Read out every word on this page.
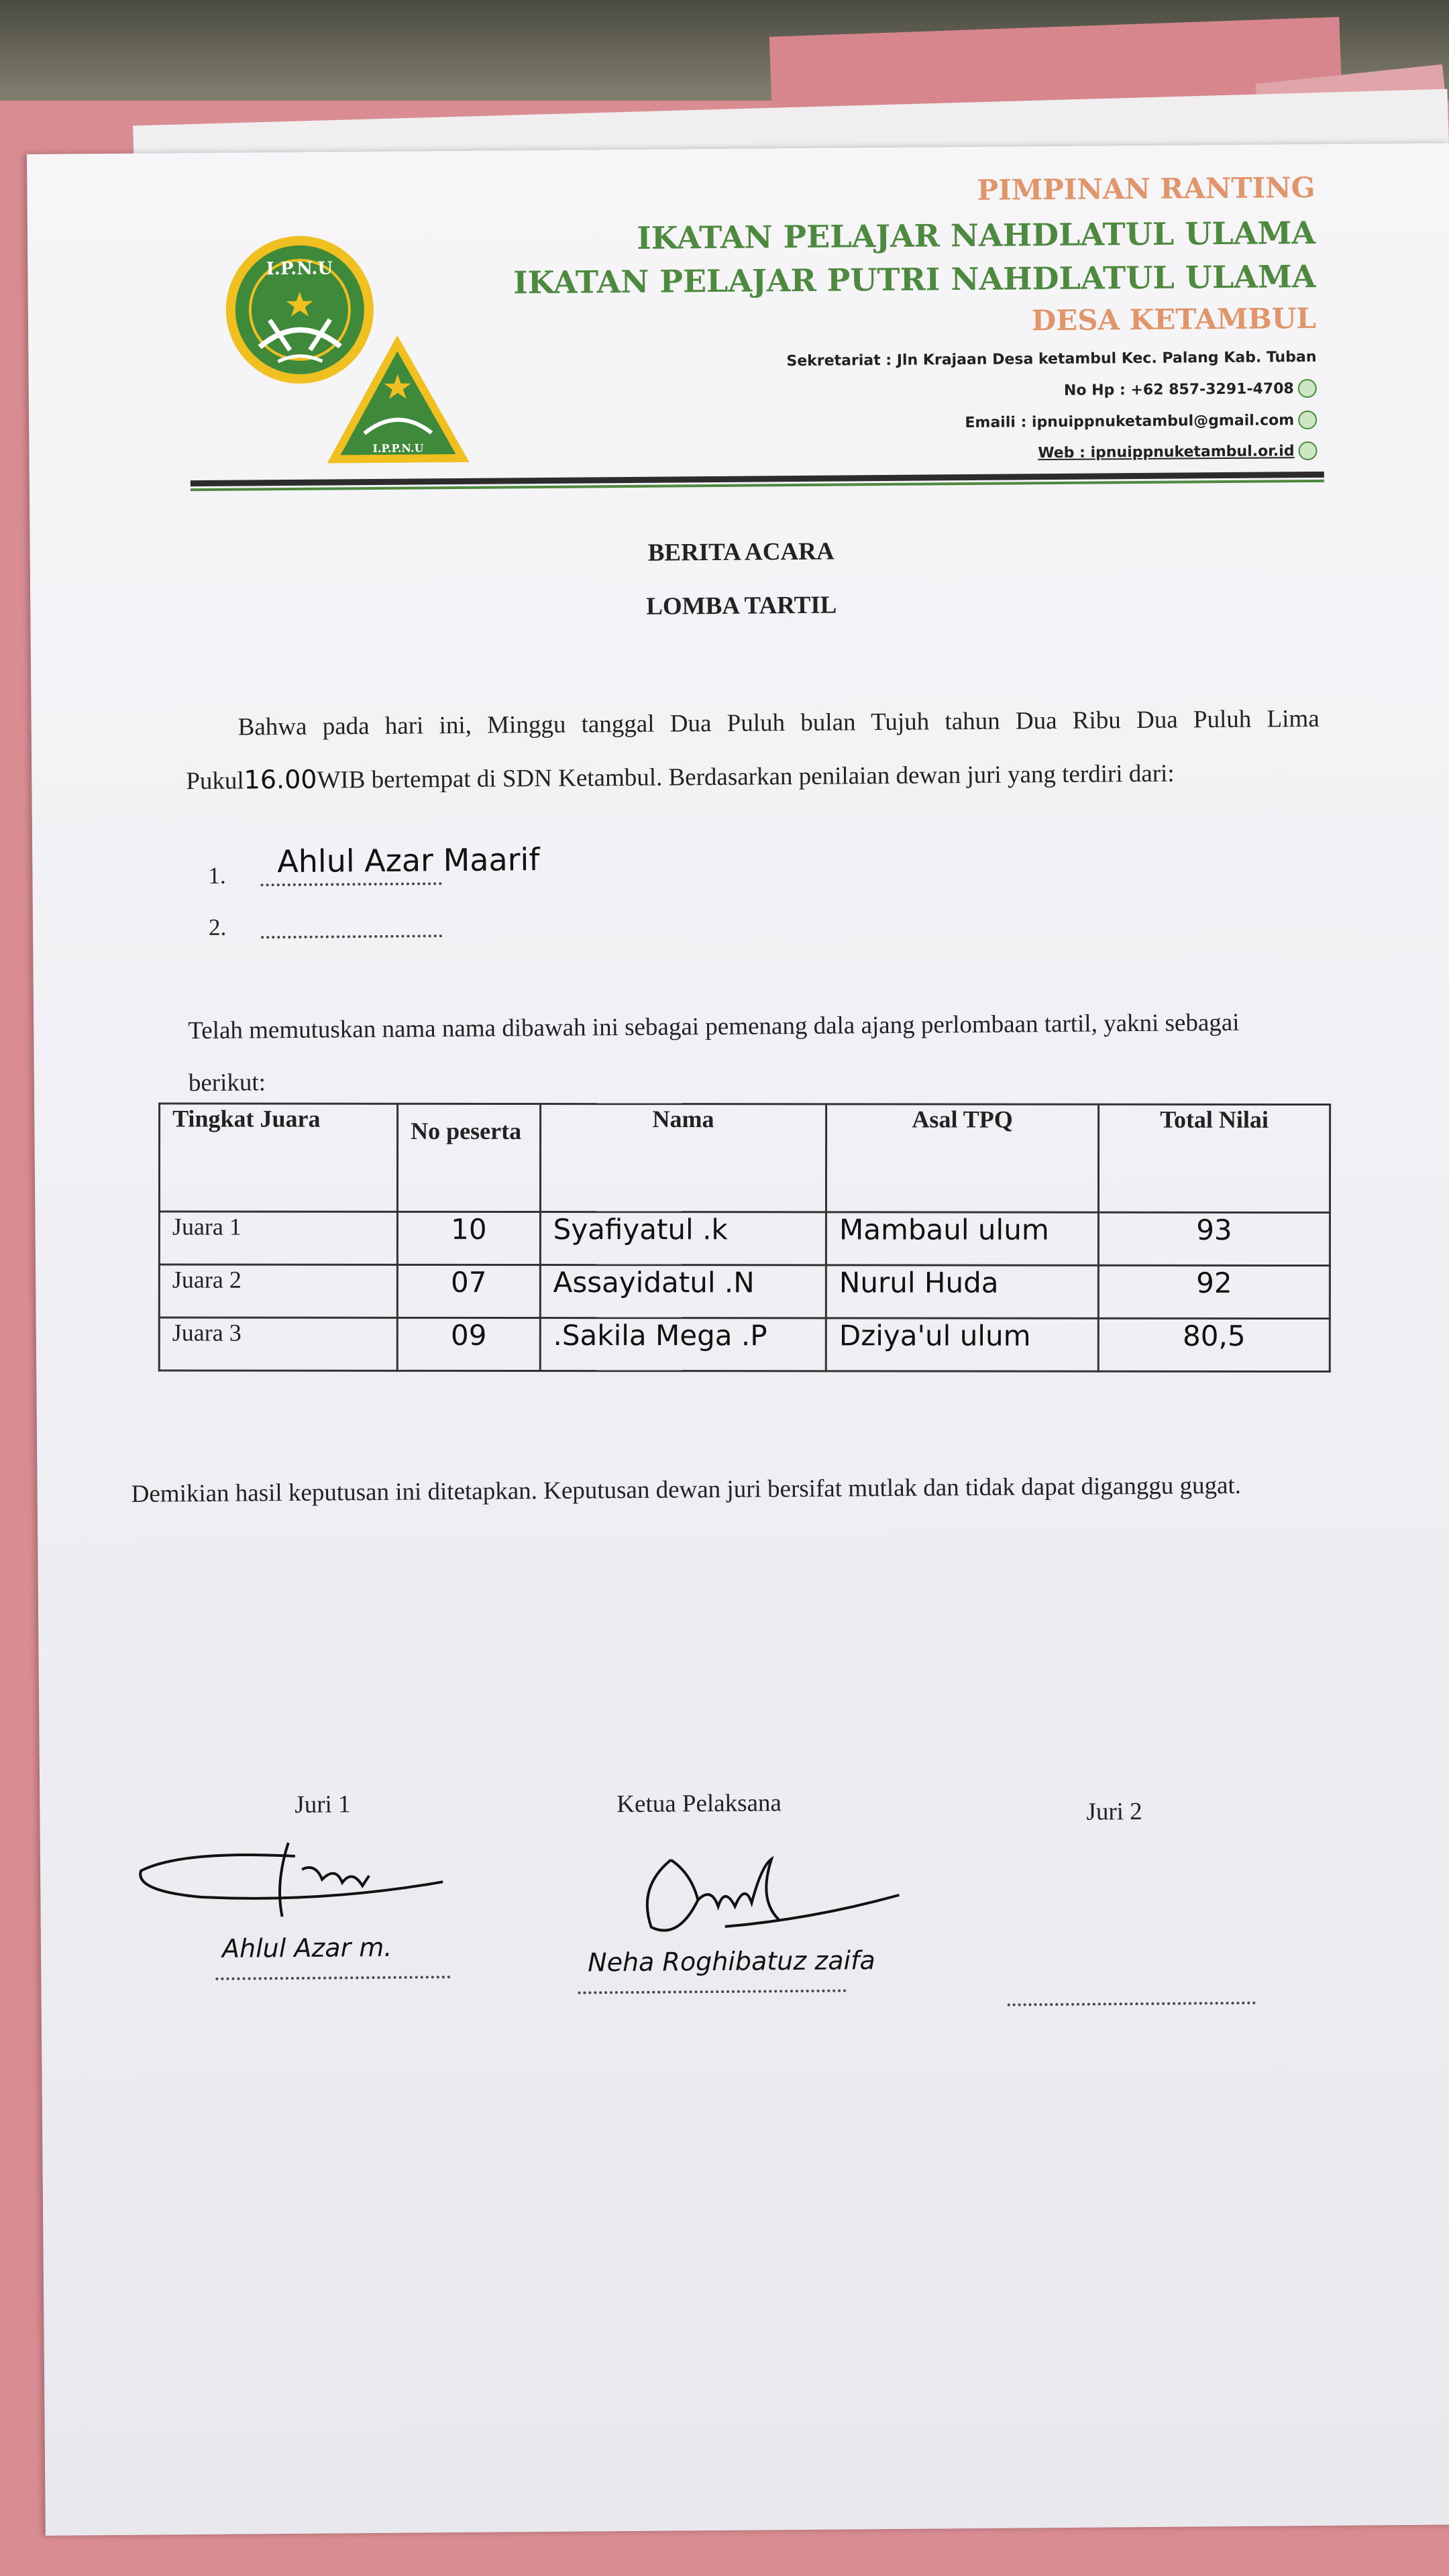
I.P.N.U
I.P.P.N.U
PIMPINAN RANTING
IKATAN PELAJAR NAHDLATUL ULAMA
IKATAN PELAJAR PUTRI NAHDLATUL ULAMA
DESA KETAMBUL
Sekretariat : Jln Krajaan Desa ketambul Kec. Palang Kab. Tuban
No Hp : +62 857-3291-4708
Emaili : ipnuippnuketambul@gmail.com
Web : ipnuippnuketambul.or.id
BERITA ACARA
LOMBA TARTIL
Bahwa pada hari ini, Minggu tanggal Dua Puluh bulan Tujuh tahun Dua Ribu Dua Puluh Lima Pukul16.00WIB bertempat di SDN Ketambul. Berdasarkan penilaian dewan juri yang terdiri dari:
1. Ahlul Azar Maarif
2.
Telah memutuskan nama nama dibawah ini sebagai pemenang dala ajang perlombaan tartil, yakni sebagai berikut:
Tingkat Juara	No peserta	Nama	Asal TPQ	Total Nilai
Juara 1	10	Syafiyatul .k	Mambaul ulum	93
Juara 2	07	Assayidatul .N	Nurul Huda	92
Juara 3	09	.Sakila Mega .P	Dziya'ul ulum	80,5
Demikian hasil keputusan ini ditetapkan. Keputusan dewan juri bersifat mutlak dan tidak dapat diganggu gugat.
Juri 1
Ahlul Azar m.
Ketua Pelaksana
Neha Roghibatuz zaifa
Juri 2
